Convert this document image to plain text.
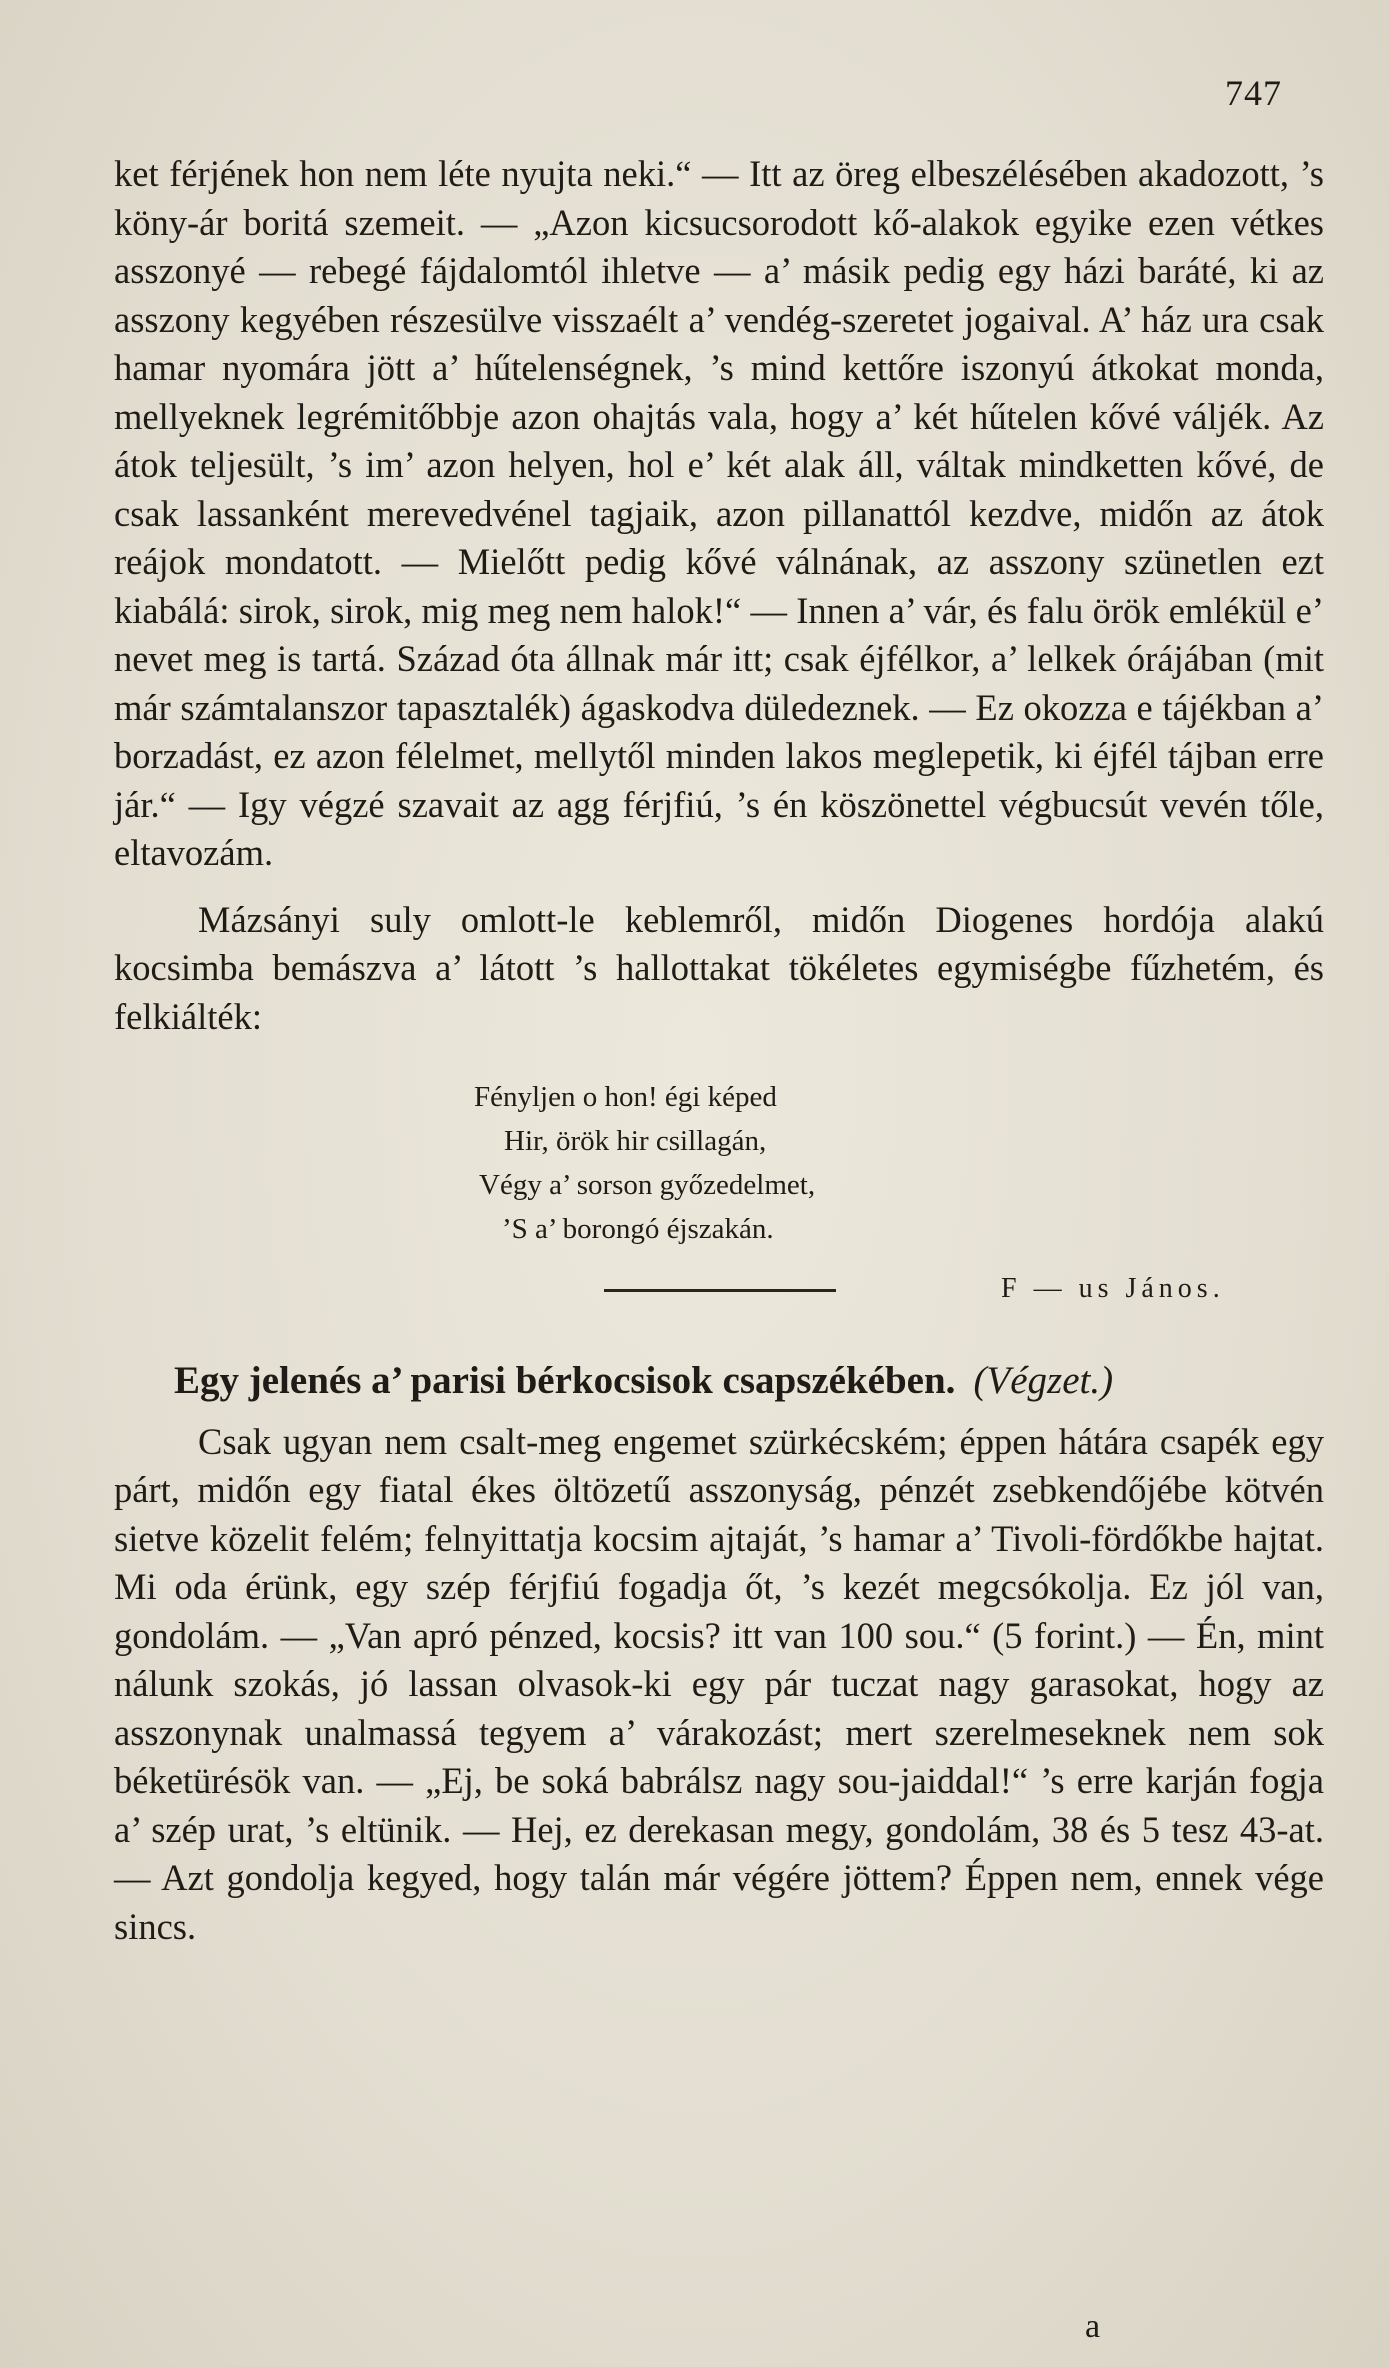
747

ket férjének hon nem léte nyujta neki.“ — Itt az öreg elbeszélésében akadozott, ’s köny-ár boritá szemeit. — „Azon kicsucsorodott kő-alakok egyike ezen vétkes asszonyé — rebegé fájdalomtól ihletve — a’ másik pedig egy házi baráté, ki az asszony kegyében részesülve visszaélt a’ vendég-szeretet jogaival. A’ ház ura csak hamar nyomára jött a’ hűtelenségnek, ’s mind kettőre iszonyú átkokat monda, mellyeknek legrémitőbbje azon ohajtás vala, hogy a’ két hűtelen kővé váljék. Az átok teljesült, ’s im’ azon helyen, hol e’ két alak áll, váltak mindketten kővé, de csak lassanként merevedvénel tagjaik, azon pillanattól kezdve, midőn az átok reájok mondatott. — Mielőtt pedig kővé válnának, az asszony szünetlen ezt kiabálá: sirok, sirok, mig meg nem halok!“ — Innen a’ vár, és falu örök emlékül e’ nevet meg is tartá. Század óta állnak már itt; csak éjfélkor, a’ lelkek órájában (mit már számtalanszor tapasztalék) ágaskodva düledeznek. — Ez okozza e tájékban a’ borzadást, ez azon félelmet, mellytől minden lakos meglepetik, ki éjfél tájban erre jár.“ — Igy végzé szavait az agg férjfiú, ’s én köszönettel végbucsút vevén tőle, eltavozám.

Mázsányi suly omlott-le keblemről, midőn Diogenes hordója alakú kocsimba bemászva a’ látott ’s hallottakat tökéletes egymiségbe fűzhetém, és felkiálték:

Fényljen o hon! égi képed
Hir, örök hir csillagán,
Végy a’ sorson győzedelmet,
’S a’ borongó éjszakán.
F — us János.
Egy jelenés a’ parisi bérkocsisok csapszékében. (Végzet.)

Csak ugyan nem csalt-meg engemet szürkécském; éppen hátára csapék egy párt, midőn egy fiatal ékes öltözetű asszonyság, pénzét zsebkendőjébe kötvén sietve közelit felém; felnyittatja kocsim ajtaját, ’s hamar a’ Tivoli-fördőkbe hajtat. Mi oda érünk, egy szép férjfiú fogadja őt, ’s kezét megcsókolja. Ez jól van, gondolám. — „Van apró pénzed, kocsis? itt van 100 sou.“ (5 forint.) — Én, mint nálunk szokás, jó lassan olvasok-ki egy pár tuczat nagy garasokat, hogy az asszonynak unalmassá tegyem a’ várakozást; mert szerelmeseknek nem sok béketürésök van. — „Ej, be soká babrálsz nagy sou-jaiddal!“ ’s erre karján fogja a’ szép urat, ’s eltünik. — Hej, ez derekasan megy, gondolám, 38 és 5 tesz 43-at. — Azt gondolja kegyed, hogy talán már végére jöttem? Éppen nem, ennek vége sincs.

a
